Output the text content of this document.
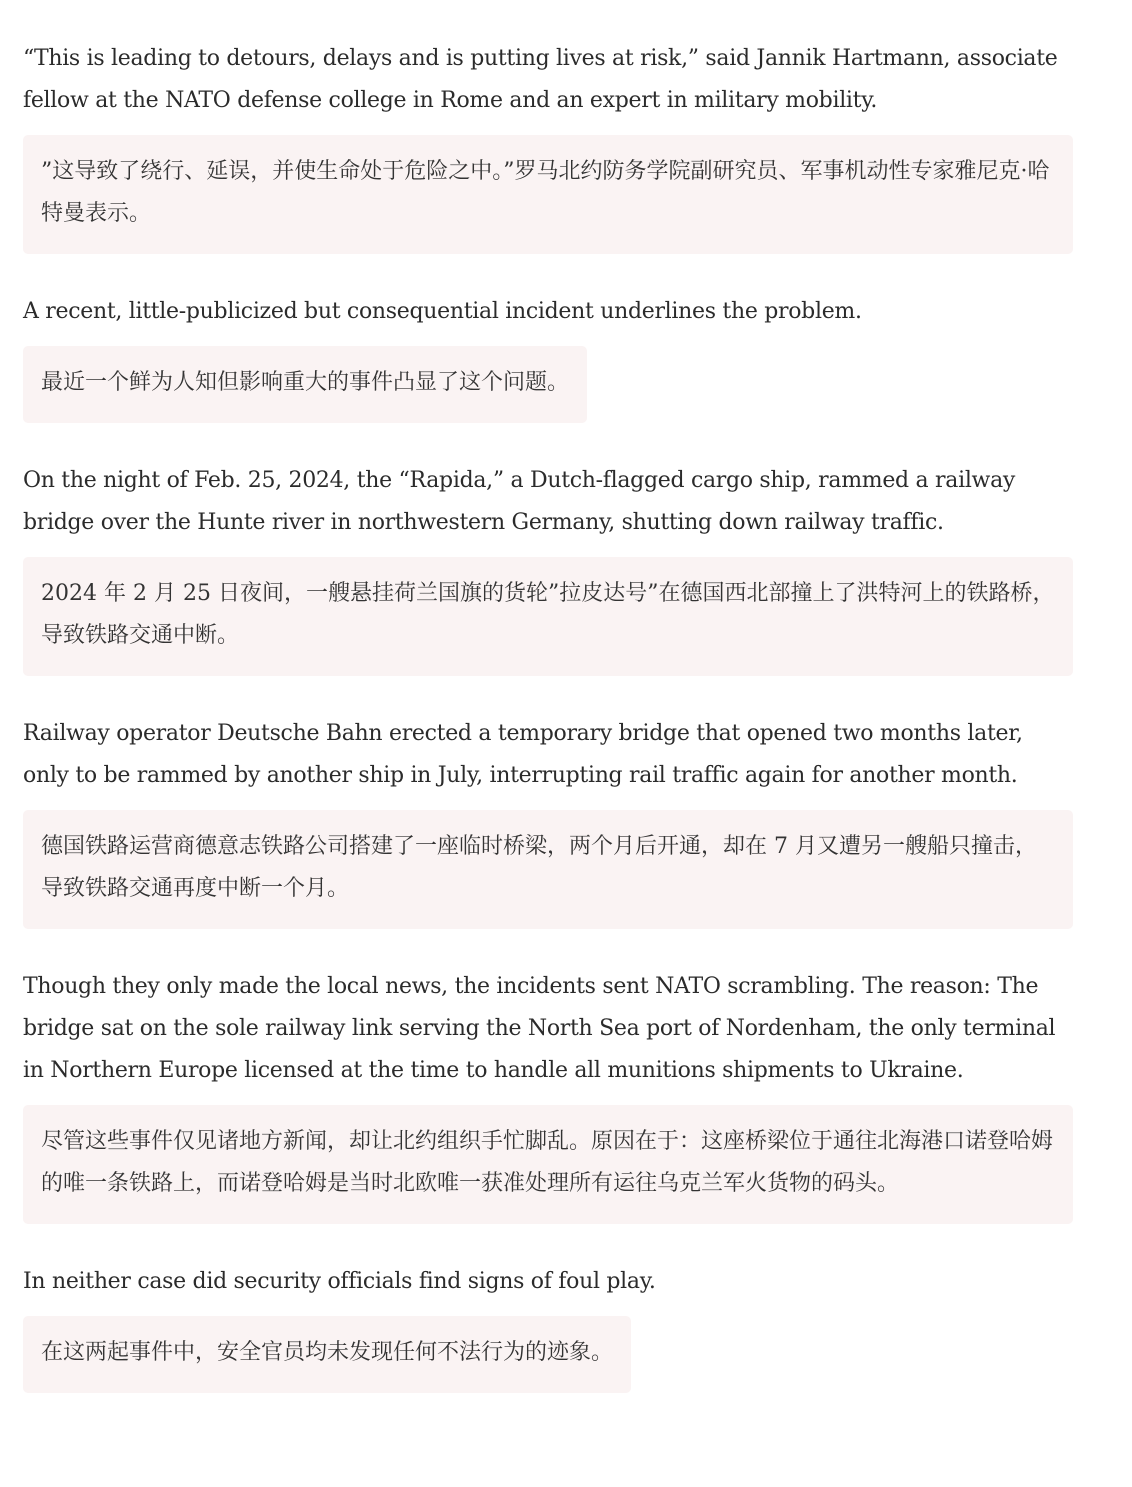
“This is leading to detours, delays and is putting lives at risk,” said Jannik Hartmann, associate fellow at the NATO defense college in Rome and an expert in military mobility.

”这导致了绕行、延误，并使生命处于危险之中。”罗马北约防务学院副研究员、军事机动性专家雅尼克·哈特曼表示。

A recent, little-publicized but consequential incident underlines the problem.

最近一个鲜为人知但影响重大的事件凸显了这个问题。

On the night of Feb. 25, 2024, the “Rapida,” a Dutch-flagged cargo ship, rammed a railway bridge over the Hunte river in northwestern Germany, shutting down railway traffic.

2024 年 2 月 25 日夜间，一艘悬挂荷兰国旗的货轮”拉皮达号”在德国西北部撞上了洪特河上的铁路桥，导致铁路交通中断。

Railway operator Deutsche Bahn erected a temporary bridge that opened two months later, only to be rammed by another ship in July, interrupting rail traffic again for another month.

德国铁路运营商德意志铁路公司搭建了一座临时桥梁，两个月后开通，却在 7 月又遭另一艘船只撞击，导致铁路交通再度中断一个月。

Though they only made the local news, the incidents sent NATO scrambling. The reason: The bridge sat on the sole railway link serving the North Sea port of Nordenham, the only terminal in Northern Europe licensed at the time to handle all munitions shipments to Ukraine.

尽管这些事件仅见诸地方新闻，却让北约组织手忙脚乱。原因在于：这座桥梁位于通往北海港口诺登哈姆的唯一条铁路上，而诺登哈姆是当时北欧唯一获准处理所有运往乌克兰军火货物的码头。

In neither case did security officials find signs of foul play.

在这两起事件中，安全官员均未发现任何不法行为的迹象。
